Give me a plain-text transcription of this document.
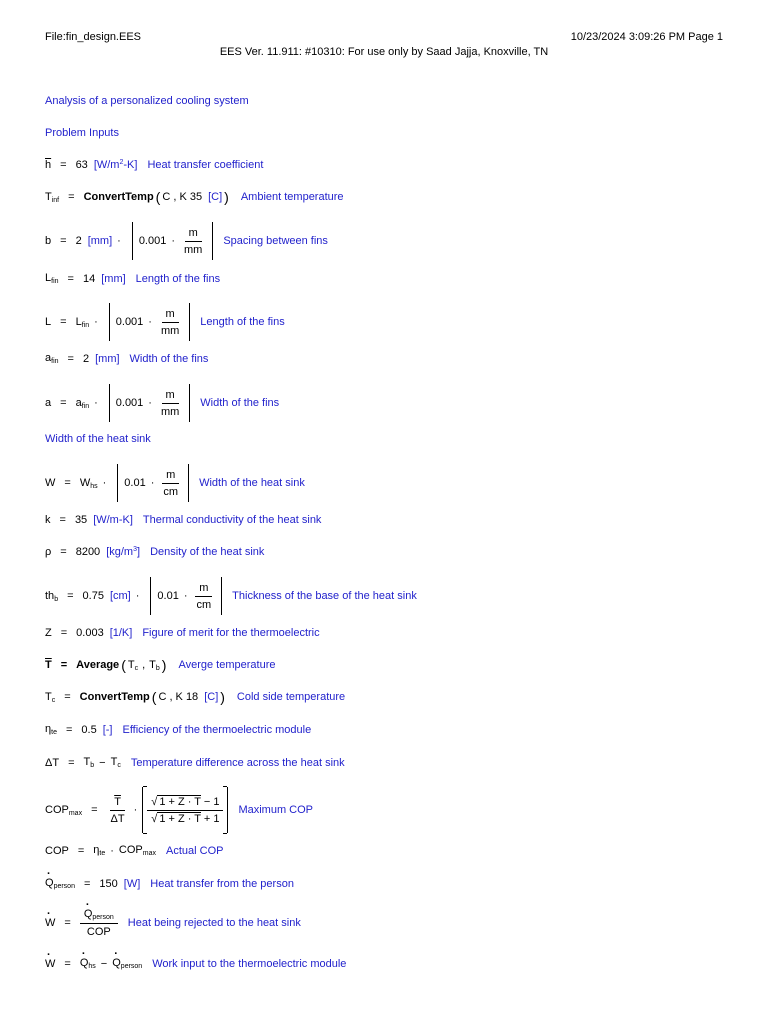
File:fin_design.EES	10/23/2024 3:09:26 PM Page 1
EES Ver. 11.911: #10310: For use only by Saad Jajja, Knoxville, TN
Analysis of a personalized cooling system
Problem Inputs
$\overline{h} = 63$ $[W/m^2-K]$ Heat transfer coefficient
$T_{inf}$ = ConvertTemp ( C , K 35 [C] ) Ambient temperature
b = 2 [mm] ·	$0.001 \cdot \frac{m}{mm}$ Spacing between fins
$L_{fin} = 14$ [mm] Length of the fins
$L = L_{fin}$ ·	$0.001 \cdot \frac{m}{mm}$ Length of the fins
$a_{fin} = 2$ [mm] Width of the fins
$a = a_{fin}$ ·	$0.001 \cdot \frac{m}{mm}$ Width of the fins
Width of the heat sink
$W = W_{hs}$ ·	$0.01 \cdot \frac{m}{cm}$ Width of the heat sink
k = 35 [W/m-K] Thermal conductivity of the heat sink
ρ = 8200 $[kg/m^3]$ Density of the heat sink
$th_b = 0.75$ [cm] ·	$0.01 \cdot \frac{m}{cm}$ Thickness of the base of the heat sink
Z = 0.003 [1/K] Figure of merit for the thermoelectric
$\overline{T}$ = Average ( $T_c$ , $T_b$ ) Averge temperature
$T_c$ = ConvertTemp ( C , K 18 [C] ) Cold side temperature
$\eta_{te} = 0.5$ [-] Efficiency of the thermoelectric module
$\Delta T = T_b - T_c$ Temperature difference across the heat sink
$COP_{max} = \frac{\overline{T}}{\Delta T} \cdot \frac{√ 1 + Z \cdot T - 1}{√ 1 + Z \cdot T + 1}$ Maximum COP
COP = $\eta_{te} \cdot COP_{max}$ Actual COP
· $Q_{person} = 150$ [W] Heat transfer from the person
· W = · $\frac{Q_{person}}{\text{COP}}$ Heat being rejected to the heat sink
· W = · $Q_{hs}$ − · $Q_{person}$ Work input to the thermoelectric module
